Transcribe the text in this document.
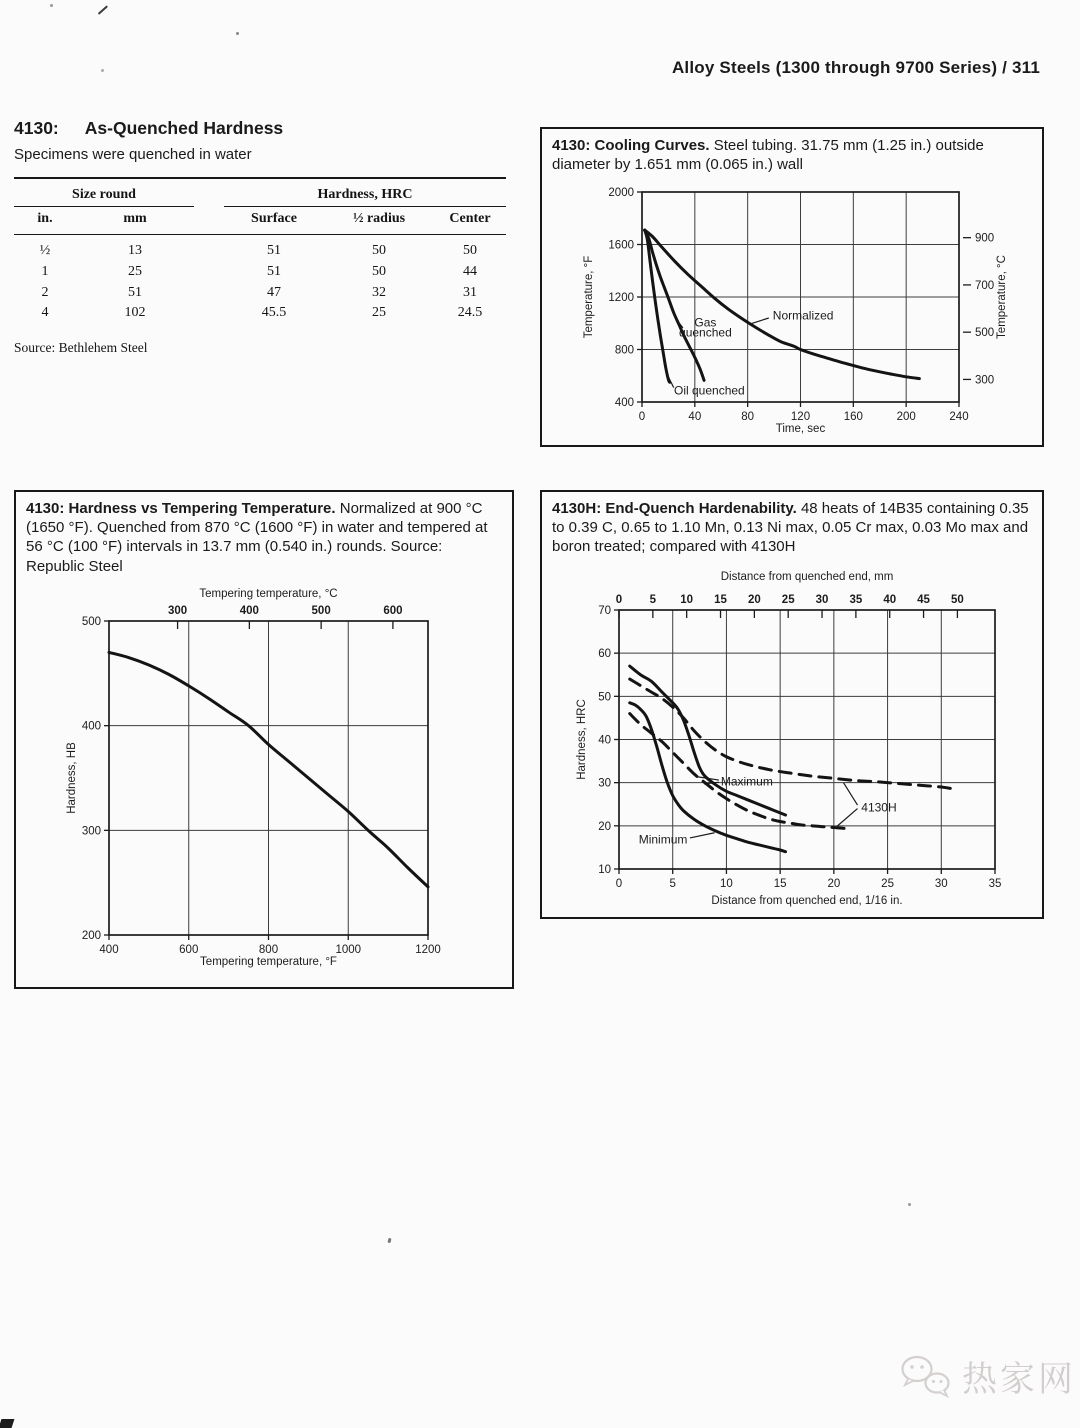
Alloy Steels (1300 through 9700 Series) / 311
4130: As-Quenched Hardness

Specimens were quenched in water

Size round			Hardness, HRC		
in.	mm		Surface	½ radius	Center
½	13		51	50	50
1	25		51	50	44
2	51		47	32	31
4	102		45.5	25	24.5

Source: Bethlehem Steel

4130: Cooling Curves. Steel tubing. 31.75 mm (1.25 in.) outside diameter by 1.651 mm (0.065 in.) wall

0	40	80	120	160	200	240
400
800
1200
1600
2000
300
500
700
900
Time, sec
Temperature, °F	Temperature, °C
Gas
quenched
Normalized
Oil quenched

4130: Hardness vs Tempering Temperature. Normalized at 900 °C (1650 °F). Quenched from 870 °C (1600 °F) in water and tempered at 56 °C (100 °F) intervals in 13.7 mm (0.540 in.) rounds. Source: Republic Steel

400	600	800	1000	1200
200
300
400
500
300	400	500	600
Tempering temperature, °F
Tempering temperature, °C
Hardness, HB

4130H: End-Quench Hardenability. 48 heats of 14B35 containing 0.35 to 0.39 C, 0.65 to 1.10 Mn, 0.13 Ni max, 0.05 Cr max, 0.03 Mo max and boron treated; compared with 4130H

0	5	10	15	20	25	30	35
10
20
30
40
50
60
70
0 5 10 15 20 25 30 35 40 45 50
Distance from quenched end, 1/16 in.
Distance from quenched end, mm
Hardness, HRC
Maximum
Minimum
4130H
热家网
